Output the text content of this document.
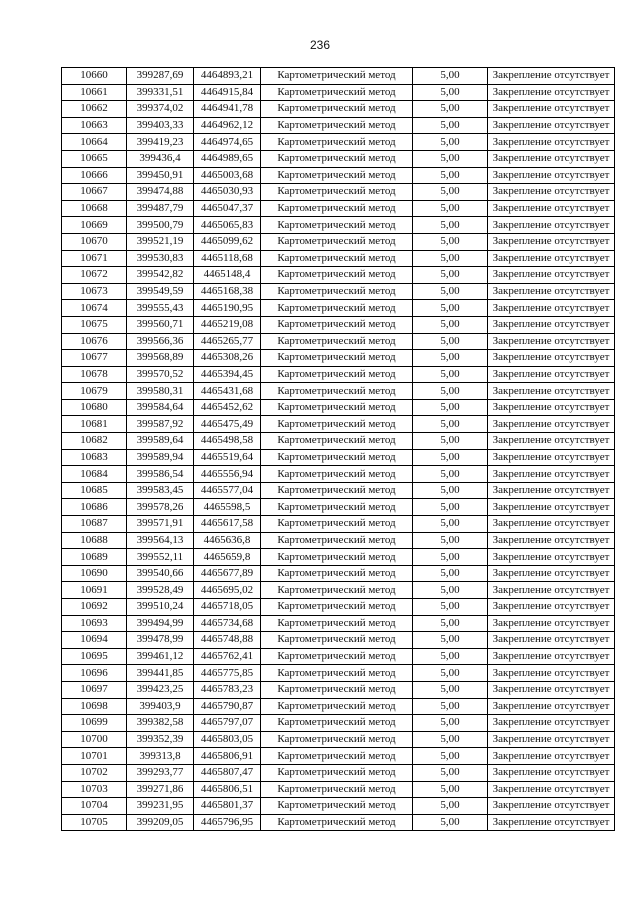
236
10660	399287,69	4464893,21	Картометрический метод	5,00	Закрепление отсутствует
10661	399331,51	4464915,84	Картометрический метод	5,00	Закрепление отсутствует
10662	399374,02	4464941,78	Картометрический метод	5,00	Закрепление отсутствует
10663	399403,33	4464962,12	Картометрический метод	5,00	Закрепление отсутствует
10664	399419,23	4464974,65	Картометрический метод	5,00	Закрепление отсутствует
10665	399436,4	4464989,65	Картометрический метод	5,00	Закрепление отсутствует
10666	399450,91	4465003,68	Картометрический метод	5,00	Закрепление отсутствует
10667	399474,88	4465030,93	Картометрический метод	5,00	Закрепление отсутствует
10668	399487,79	4465047,37	Картометрический метод	5,00	Закрепление отсутствует
10669	399500,79	4465065,83	Картометрический метод	5,00	Закрепление отсутствует
10670	399521,19	4465099,62	Картометрический метод	5,00	Закрепление отсутствует
10671	399530,83	4465118,68	Картометрический метод	5,00	Закрепление отсутствует
10672	399542,82	4465148,4	Картометрический метод	5,00	Закрепление отсутствует
10673	399549,59	4465168,38	Картометрический метод	5,00	Закрепление отсутствует
10674	399555,43	4465190,95	Картометрический метод	5,00	Закрепление отсутствует
10675	399560,71	4465219,08	Картометрический метод	5,00	Закрепление отсутствует
10676	399566,36	4465265,77	Картометрический метод	5,00	Закрепление отсутствует
10677	399568,89	4465308,26	Картометрический метод	5,00	Закрепление отсутствует
10678	399570,52	4465394,45	Картометрический метод	5,00	Закрепление отсутствует
10679	399580,31	4465431,68	Картометрический метод	5,00	Закрепление отсутствует
10680	399584,64	4465452,62	Картометрический метод	5,00	Закрепление отсутствует
10681	399587,92	4465475,49	Картометрический метод	5,00	Закрепление отсутствует
10682	399589,64	4465498,58	Картометрический метод	5,00	Закрепление отсутствует
10683	399589,94	4465519,64	Картометрический метод	5,00	Закрепление отсутствует
10684	399586,54	4465556,94	Картометрический метод	5,00	Закрепление отсутствует
10685	399583,45	4465577,04	Картометрический метод	5,00	Закрепление отсутствует
10686	399578,26	4465598,5	Картометрический метод	5,00	Закрепление отсутствует
10687	399571,91	4465617,58	Картометрический метод	5,00	Закрепление отсутствует
10688	399564,13	4465636,8	Картометрический метод	5,00	Закрепление отсутствует
10689	399552,11	4465659,8	Картометрический метод	5,00	Закрепление отсутствует
10690	399540,66	4465677,89	Картометрический метод	5,00	Закрепление отсутствует
10691	399528,49	4465695,02	Картометрический метод	5,00	Закрепление отсутствует
10692	399510,24	4465718,05	Картометрический метод	5,00	Закрепление отсутствует
10693	399494,99	4465734,68	Картометрический метод	5,00	Закрепление отсутствует
10694	399478,99	4465748,88	Картометрический метод	5,00	Закрепление отсутствует
10695	399461,12	4465762,41	Картометрический метод	5,00	Закрепление отсутствует
10696	399441,85	4465775,85	Картометрический метод	5,00	Закрепление отсутствует
10697	399423,25	4465783,23	Картометрический метод	5,00	Закрепление отсутствует
10698	399403,9	4465790,87	Картометрический метод	5,00	Закрепление отсутствует
10699	399382,58	4465797,07	Картометрический метод	5,00	Закрепление отсутствует
10700	399352,39	4465803,05	Картометрический метод	5,00	Закрепление отсутствует
10701	399313,8	4465806,91	Картометрический метод	5,00	Закрепление отсутствует
10702	399293,77	4465807,47	Картометрический метод	5,00	Закрепление отсутствует
10703	399271,86	4465806,51	Картометрический метод	5,00	Закрепление отсутствует
10704	399231,95	4465801,37	Картометрический метод	5,00	Закрепление отсутствует
10705	399209,05	4465796,95	Картометрический метод	5,00	Закрепление отсутствует
